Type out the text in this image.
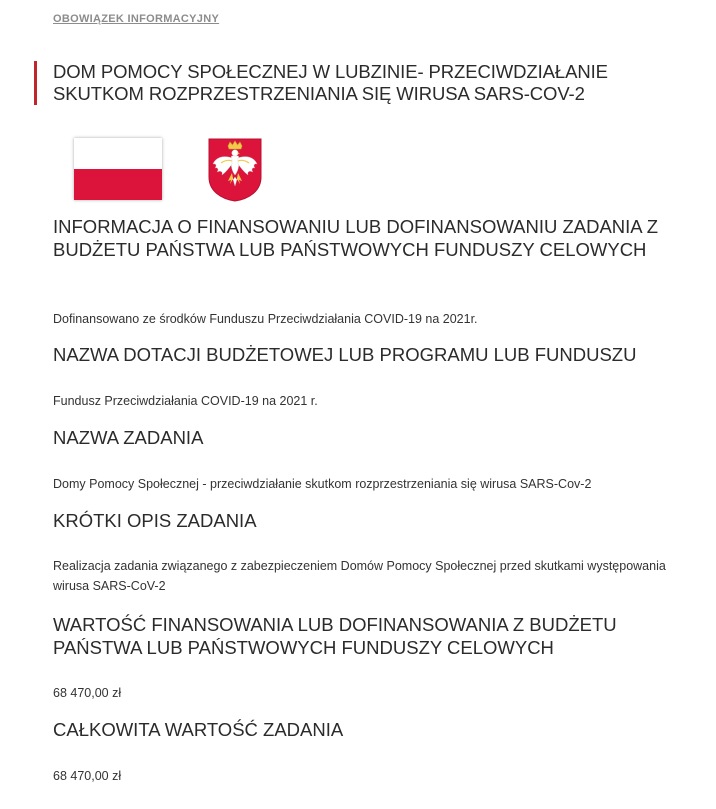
OBOWIĄZEK INFORMACYJNY
DOM POMOCY SPOŁECZNEJ W LUBZINIE- PRZECIWDZIAŁANIE SKUTKOM ROZPRZESTRZENIANIA SIĘ WIRUSA SARS-COV-2
INFORMACJA O FINANSOWANIU LUB DOFINANSOWANIU ZADANIA Z BUDŻETU PAŃSTWA LUB PAŃSTWOWYCH FUNDUSZY CELOWYCH

Dofinansowano ze środków Funduszu Przeciwdziałania COVID-19 na 2021r.

NAZWA DOTACJI BUDŻETOWEJ LUB PROGRAMU LUB FUNDUSZU

Fundusz Przeciwdziałania COVID-19 na 2021 r.

NAZWA ZADANIA

Domy Pomocy Społecznej - przeciwdziałanie skutkom rozprzestrzeniania się wirusa SARS-Cov-2

KRÓTKI OPIS ZADANIA

Realizacja zadania związanego z zabezpieczeniem Domów Pomocy Społecznej przed skutkami występowania wirusa SARS-CoV-2

WARTOŚĆ FINANSOWANIA LUB DOFINANSOWANIA Z BUDŻETU PAŃSTWA LUB PAŃSTWOWYCH FUNDUSZY CELOWYCH

68 470,00 zł

CAŁKOWITA WARTOŚĆ ZADANIA

68 470,00 zł
